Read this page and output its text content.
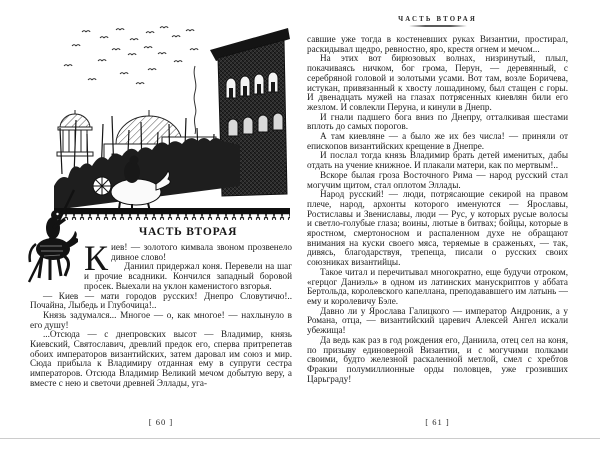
ЧАСТЬ ВТОРАЯ
К иев! — золотого кимвала звоном прозвенело дивное слово!

Даниил придержал коня. Перевели на шаг и прочие всадники. Кончился западный боровой про́сек. Выехали на уклон каменистого взгорья.

— Киев — мати городов русских! Днепро Словутичю!.. Почайна, Лыбедь и Глубочица!..

Князь задумался... Многое — о, как многое! — нахлынуло в его душу!

...Отсюда — с днепровских высот — Владимир, князь Киевский, Святославич, древлий предок его, сперва притрепетав обоих императоров византийских, затем даровал им союз и мир. Сюда прибыла к Владимиру отданная ему в супруги сестра императоров. Отсюда Владимир Великий мечом добытую веру, а вместе с нею и светочи древней Эллады, уга-

[ 60 ]
ЧАСТЬ ВТОРАЯ

савшие уже тогда в костеневших руках Византии, простирал, раскидывал щедро, ревностно, яро, крестя огнем и мечом...

На этих вот бирюзовых волнах, низринутый, плыл, покачиваясь ничком, бог грома, Перун, — деревянный, с серебряной головой и золотыми усами. Вот там, возле Боричева, истукан, привязанный к хвосту лошадиному, был стащен с горы. И двенадцать мужей на глазах потрясенных киевлян били его жезлом. И совлекли Перуна, и кинули в Днепр.

И гнали падшего бога вниз по Днепру, отталкивая шестами вплоть до самых порогов.

А там киевляне — а было же их без числа! — приняли от епископов византийских крещение в Днепре.

И послал тогда князь Владимир брать детей именитых, дабы отдать на учение книжное. И плакали матери, как по мертвым!..

Вскоре былая гроза Восточного Рима — народ русский стал могучим щитом, стал оплотом Эллады.

Народ русский! — люди, потрясающие секирой на правом плече, народ, архонты которого именуются — Ярославы, Ростиславы и Звениславы, люди — Рус, у которых русые волосы и светло-голубые глаза; воины, лютые в битвах; бойцы, которые в яростном, смертоносном и распаленном духе не обращают внимания на куски своего мяса, теряемые в сраженьях, — так, дивясь, благодарствуя, трепеща, писали о русских своих союзниках византийцы.

Такое читал и перечитывал многократно, еще будучи отроком, «герцог Даниэль» в одном из латинских манускриптов у аббата Бертольда, королевского капеллана, преподававшего им латынь — ему и королевичу Бэле.

Давно ли у Ярослава Галицкого — император Андроник, а у Романа, отца, — византийский царевич Алексей Ангел искали убежища!

Да ведь как раз в год рождения его, Даниила, отец сел на коня, по призыву единоверной Византии, и с могучими полками своими, будто железной раскаленной метлой, смел с хребтов Фракии полумиллионные орды половцев, уже грозивших Царьграду!

[ 61 ]
